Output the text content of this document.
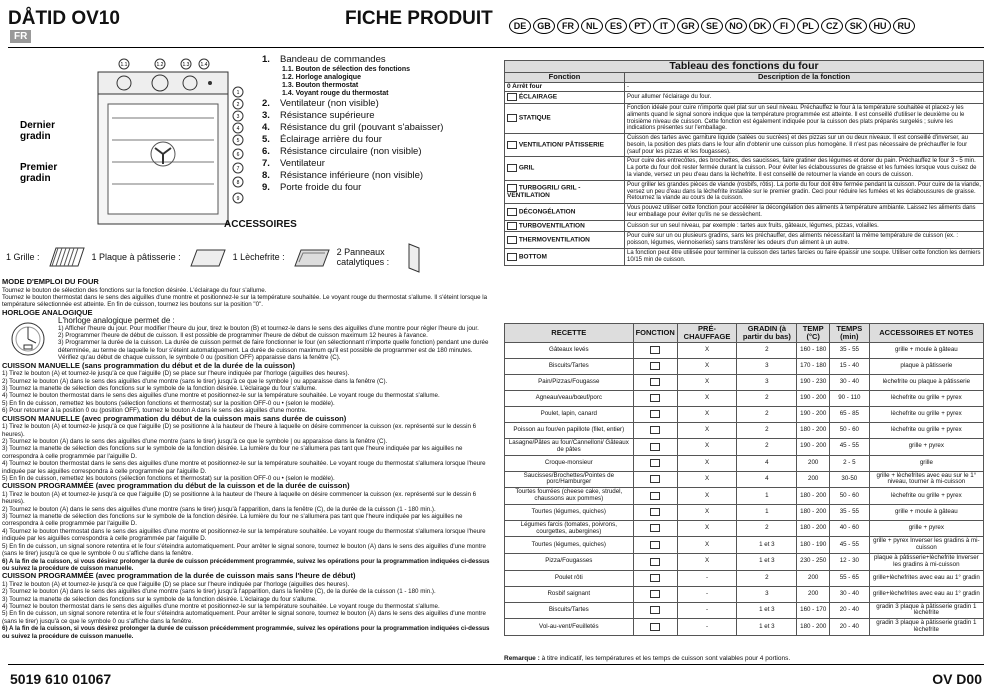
DÅTID OV10
FR
FICHE PRODUIT	DE	GB	FR	NL	ES	PT	IT	GR	SE	NO	DK	FI	PL	CZ	SK	HU	RU
1
2
3
4
5
6
7
8
9
1.1	1.2	1.3 1.4
Dernier gradin
Premier gradin
1. Bandeau de commandes
1.1. Bouton de sélection des fonctions
1.2. Horloge analogique
1.3. Bouton thermostat
1.4. Voyant rouge du thermostat
2. Ventilateur (non visible)
3. Résistance supérieure
4. Résistance du gril (pouvant s'abaisser)
5. Éclairage arrière du four
6. Résistance circulaire (non visible)
7. Ventilateur
8. Résistance inférieure (non visible)
9. Porte froide du four
ACCESSOIRES
1 Grille :	1 Plaque à pâtisserie :	1 Lèchefrite :	2 Panneaux catalytiques :
MODE D'EMPLOI DU FOUR

Tournez le bouton de sélection des fonctions sur la fonction désirée. L'éclairage du four s'allume.

Tournez le bouton thermostat dans le sens des aiguilles d'une montre et positionnez-le sur la température souhaitée. Le voyant rouge du thermostat s'allume. Il s'éteint lorsque la température sélectionnée est atteinte. En fin de cuisson, tournez les boutons sur la position "0".

HORLOGE ANALOGIQUE
L'horloge analogique permet de :

1) Afficher l'heure du jour. Pour modifier l'heure du jour, tirez le bouton (B) et tournez-le dans le sens des aiguilles d'une montre pour régler l'heure du jour.

2) Programmer l'heure de début de cuisson. Il est possible de programmer l'heure de début de cuisson maximum 12 heures à l'avance.

3) Programmer la durée de la cuisson. La durée de cuisson permet de faire fonctionner le four (en sélectionnant n'importe quelle fonction) pendant une durée déterminée, au terme de laquelle le four s'éteint automatiquement. La durée de cuisson maximum qu'il est possible de programmer est de 180 minutes.

Vérifiez qu'au début de chaque cuisson, le symbole 0 ou (position OFF) apparaisse dans la fenêtre (C).

CUISSON MANUELLE (sans programmation du début et de la durée de la cuisson)

1) Tirez le bouton (A) et tournez-le jusqu'à ce que l'aiguille (D) se place sur l'heure indiquée par l'horloge (aiguilles des heures).

2) Tournez le bouton (A) dans le sens des aiguilles d'une montre (sans le tirer) jusqu'à ce que le symbole | ou apparaisse dans la fenêtre (C).

3) Tournez la manette de sélection des fonctions sur le symbole de la fonction désirée. L'éclairage du four s'allume.

4) Tournez le bouton thermostat dans le sens des aiguilles d'une montre et positionnez-le sur la température souhaitée. Le voyant rouge du thermostat s'allume.

5) En fin de cuisson, remettez les boutons (sélection fonctions et thermostat) sur la position OFF-0 ou • (selon le modèle).

6) Pour retourner à la position 0 ou (position OFF), tournez le bouton A dans le sens des aiguilles d'une montre.

CUISSON MANUELLE (avec programmation du début de la cuisson mais sans durée de cuisson)

1) Tirez le bouton (A) et tournez-le jusqu'à ce que l'aiguille (D) se positionne à la hauteur de l'heure à laquelle on désire commencer la cuisson (ex. représenté sur le dessin 6 heures).

2) Tournez le bouton (A) dans le sens des aiguilles d'une montre (sans le tirer) jusqu'à ce que le symbole | ou apparaisse dans la fenêtre (C).

3) Tournez la manette de sélection des fonctions sur le symbole de la fonction désirée. La lumière du four ne s'allumera pas tant que l'heure indiquée par les aiguilles ne correspondra à celle programmée par l'aiguille D.

4) Tournez le bouton thermostat dans le sens des aiguilles d'une montre et positionnez-le sur la température souhaitée. Le voyant rouge du thermostat s'allumera lorsque l'heure indiquée par les aiguilles correspondra à celle programmée par l'aiguille D.

5) En fin de cuisson, remettez les boutons (sélection fonctions et thermostat) sur la position OFF-0 ou • (selon le modèle).

CUISSON PROGRAMMÉE (avec programmation du début de la cuisson et de la durée de cuisson)

1) Tirez le bouton (A) et tournez-le jusqu'à ce que l'aiguille (D) se positionne à la hauteur de l'heure à laquelle on désire commencer la cuisson (ex. représenté sur le dessin 6 heures).

2) Tournez le bouton (A) dans le sens des aiguilles d'une montre (sans le tirer) jusqu'à l'apparition, dans la fenêtre (C), de la durée de la cuisson (1 - 180 min.).

3) Tournez la manette de sélection des fonctions sur le symbole de la fonction désirée. La lumière du four ne s'allumera pas tant que l'heure indiquée par les aiguilles ne correspondra à celle programmée par l'aiguille D.

4) Tournez le bouton thermostat dans le sens des aiguilles d'une montre et positionnez-le sur la température souhaitée. Le voyant rouge du thermostat s'allumera lorsque l'heure indiquée par les aiguilles correspondra à celle programmée par l'aiguille D.

5) En fin de cuisson, un signal sonore retentira et le four s'éteindra automatiquement. Pour arrêter le signal sonore, tournez le bouton (A) dans le sens des aiguilles d'une montre (sans le tirer) jusqu'à ce que le symbole 0 ou s'affiche dans la fenêtre.

6) A la fin de la cuisson, si vous désirez prolonger la durée de cuisson précédemment programmée, suivez les opérations pour la programmation indiquées ci-dessus ou suivez la procédure de cuisson manuelle.

CUISSON PROGRAMMÉE (avec programmation de la durée de cuisson mais sans l'heure de début)

1) Tirez le bouton (A) et tournez-le jusqu'à ce que l'aiguille (D) se place sur l'heure indiquée par l'horloge (aiguilles des heures).

2) Tournez le bouton (A) dans le sens des aiguilles d'une montre (sans le tirer) jusqu'à l'apparition, dans la fenêtre (C), de la durée de la cuisson (1 - 180 min.).

3) Tournez la manette de sélection des fonctions sur le symbole de la fonction désirée. L'éclairage du four s'allume.

4) Tournez le bouton thermostat dans le sens des aiguilles d'une montre et positionnez-le sur la température souhaitée. Le voyant rouge du thermostat s'allume.

5) En fin de cuisson, un signal sonore retentira et le four s'éteindra automatiquement. Pour arrêter le signal sonore, tournez le bouton (A) dans le sens des aiguilles d'une montre (sans le tirer) jusqu'à ce que le symbole 0 ou s'affiche dans la fenêtre.

6) A la fin de la cuisson, si vous désirez prolonger la durée de cuisson précédemment programmée, suivez les opérations pour la programmation indiquées ci-dessus ou suivez la procédure de cuisson manuelle.

Tableau des fonctions du four	
Fonction	Description de la fonction
0 Arrêt four	-
ÉCLAIRAGE	Pour allumer l'éclairage du four.
STATIQUE	Fonction idéale pour cuire n'importe quel plat sur un seul niveau. Préchauffez le four à la température souhaitée et placez-y les aliments quand le signal sonore indique que la température programmée est atteinte. Il est conseillé d'utiliser le deuxième ou le troisième niveau de cuisson. Cette fonction est également indiquée pour la cuisson des plats préparés surgelés ; suivre les indications présentes sur l'emballage.
VENTILATION/ PÂTISSERIE	Cuisson des tartes avec garniture liquide (salées ou sucrées) et des pizzas sur un ou deux niveaux. Il est conseillé d'inverser, au besoin, la position des plats dans le four afin d'obtenir une cuisson plus homogène. Il n'est pas nécessaire de préchauffer le four (sauf pour les pizzas et les fougasses).
GRIL	Pour cuire des entrecôtes, des brochettes, des saucisses, faire gratiner des légumes et dorer du pain. Préchauffez le four 3 - 5 min. La porte du four doit rester fermée durant la cuisson. Pour éviter les éclaboussures de graisse et les fumées lorsque vous cuisez de la viande, versez un peu d'eau dans la lèchefrite. Il est conseillé de retourner la viande en cours de cuisson.
TURBOGRIL/ GRIL - VENTILATION	Pour griller les grandes pièces de viande (rosbifs, rôtis). La porte du four doit être fermée pendant la cuisson. Pour cuire de la viande, versez un peu d'eau dans la lèchefrite installée sur le premier gradin. Ceci pour réduire les fumées et les éclaboussures de graisse. Retournez la viande au cours de la cuisson.
DÉCONGÉLATION	Vous pouvez utiliser cette fonction pour accélérer la décongélation des aliments à température ambiante. Laissez les aliments dans leur emballage pour éviter qu'ils ne se dessèchent.
TURBOVENTILATION	Cuisson sur un seul niveau, par exemple : tartes aux fruits, gâteaux, légumes, pizzas, volailles.
THERMOVENTILATION	Pour cuire sur un ou plusieurs gradins, sans les préchauffer, des aliments nécessitant la même température de cuisson (ex. : poisson, légumes, viennoiseries) sans transférer les odeurs d'un aliment à un autre.
BOTTOM	La fonction peut être utilisée pour terminer la cuisson des tartes farcies ou faire épaissir une soupe. Utiliser cette fonction les derniers 10/15 min de cuisson.
RECETTE	FONCTION	PRÉ-CHAUFFAGE	GRADIN (à partir du bas)	TEMP (°C)	TEMPS (min)	ACCESSOIRES ET NOTES
Gâteaux levés		X	2	160 - 180	35 - 55	grille + moule à gâteau
Biscuits/Tartes		X	3	170 - 180	15 - 40	plaque à pâtisserie
Pain/Pizzas/Fougasse		X	3	190 - 230	30 - 40	lèchefrite ou plaque à pâtisserie
Agneau/veau/bœuf/porc		X	2	190 - 200	90 - 110	lèchefrite ou grille + pyrex
Poulet, lapin, canard		X	2	190 - 200	65 - 85	lèchefrite ou grille + pyrex
Poisson au four/en papillote (filet, entier)		X	2	180 - 200	50 - 60	lèchefrite ou grille + pyrex
Lasagne/Pâtes au four/Cannelloni/ Gâteaux de pâtes		X	2	190 - 200	45 - 55	grille + pyrex
Croque-monsieur		X	4	200	2 - 5	grille
Saucisses/Brochettes/Pointes de porc/Hamburger		X	4	200	30-50	grille + lèchefrites avec eau sur le 1° niveau, tourner à mi-cuisson
Tourtes fourrées (cheese cake, strudel, chaussons aux pommes)		X	1	180 - 200	50 - 60	lèchefrite ou grille + pyrex
Tourtes (légumes, quiches)		X	1	180 - 200	35 - 55	grille + moule à gâteau
Légumes farcis (tomates, poivrons, courgettes, aubergines)		X	2	180 - 200	40 - 60	grille + pyrex
Tourtes (légumes, quiches)		X	1 et 3	180 - 190	45 - 55	grille + pyrex Inverser les gradins à mi-cuisson
Pizza/Fougasses		X	1 et 3	230 - 250	12 - 30	plaque à pâtisserie+lèchefrite Inverser les gradins à mi-cuisson
Poulet rôti		-	2	200	55 - 65	grille+lèchefrites avec eau au 1° gradin
Rosbif saignant		-	3	200	30 - 40	grille+lèchefrites avec eau au 1° gradin
Biscuits/Tartes		-	1 et 3	160 - 170	20 - 40	gradin 3 plaque à pâtisserie gradin 1 lèchefrite
Vol-au-vent/Feuilletés		-	1 et 3	180 - 200	20 - 40	gradin 3 plaque à pâtisserie gradin 1 lèchefrite
Remarque : à titre indicatif, les températures et les temps de cuisson sont valables pour 4 portions.
5019 610 01067	OV D00
